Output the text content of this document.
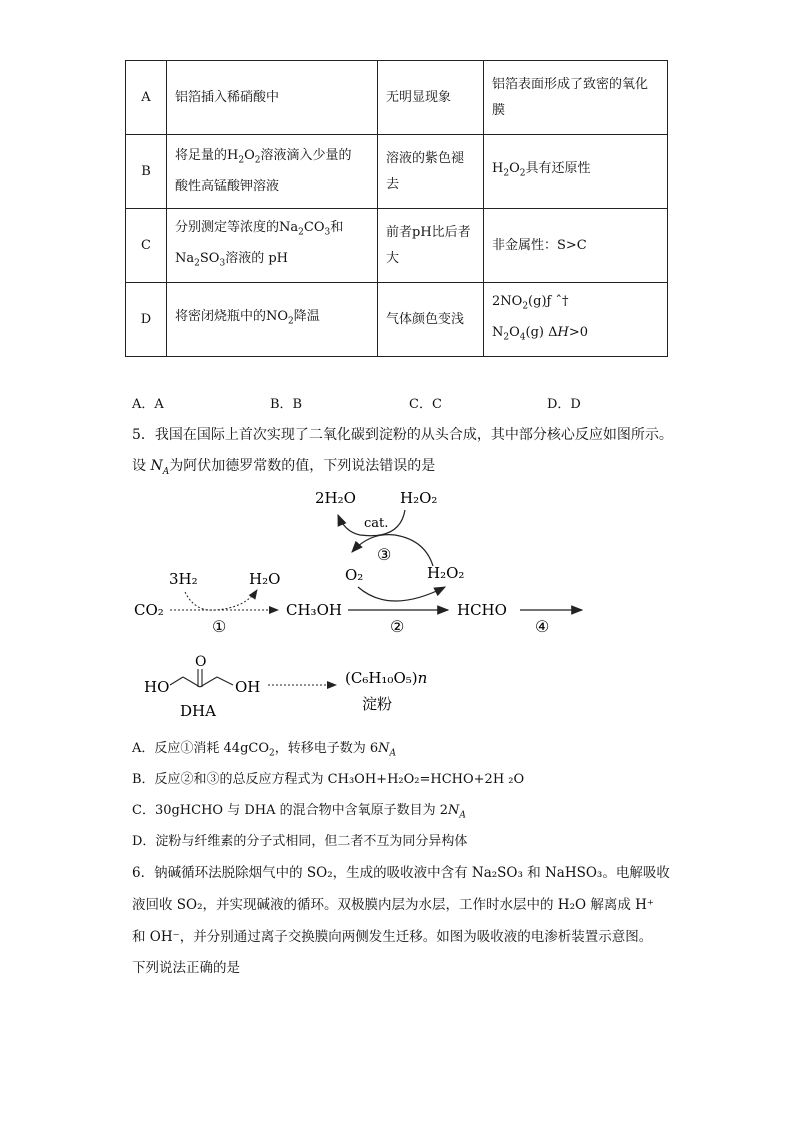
A	铝箔插入稀硝酸中	无明显现象	铝箔表面形成了致密的氧化
膜
B	将足量的$H_2O_2$溶液滴入少量的
酸性高锰酸钾溶液	溶液的紫色褪
去	$H_2O_2$具有还原性
C	分别测定等浓度的$Na_2CO_3$和
$Na_2SO_3$溶液的 pH	前者pH比后者
大	非金属性：S>C
D	将密闭烧瓶中的$NO_2$降温	气体颜色变浅	$2NO_2(g)ƒ$ ˆ†
$N_2O_4(g)$ ΔH>0
A．A	B．B	C．C	D．D
5．我国在国际上首次实现了二氧化碳到淀粉的从头合成，其中部分核心反应如图所示。
设 $N_A$为阿伏加德罗常数的值，下列说法错误的是
2H₂O	H₂O₂
cat.
③
O₂	H₂O₂
3H₂	H₂O
CO₂
①
CH₃OH
②
HCHO
④
HO
O
OH
DHA
(C₆H₁₀O₅)n
淀粉
A．反应①消耗 44gCO$_2$，转移电子数为 $6N_A$
B．反应②和③的总反应方程式为 CH₃OH+H₂O₂=HCHO+2H ₂O
C．30gHCHO 与 DHA 的混合物中含氧原子数目为 $2N_A$
D．淀粉与纤维素的分子式相同，但二者不互为同分异构体
6．钠碱循环法脱除烟气中的 SO₂，生成的吸收液中含有 Na₂SO₃ 和 NaHSO₃。电解吸收
液回收 SO₂，并实现碱液的循环。双极膜内层为水层，工作时水层中的 H₂O 解离成 H⁺
和 OH⁻，并分别通过离子交换膜向两侧发生迁移。如图为吸收液的电渗析装置示意图。
下列说法正确的是
